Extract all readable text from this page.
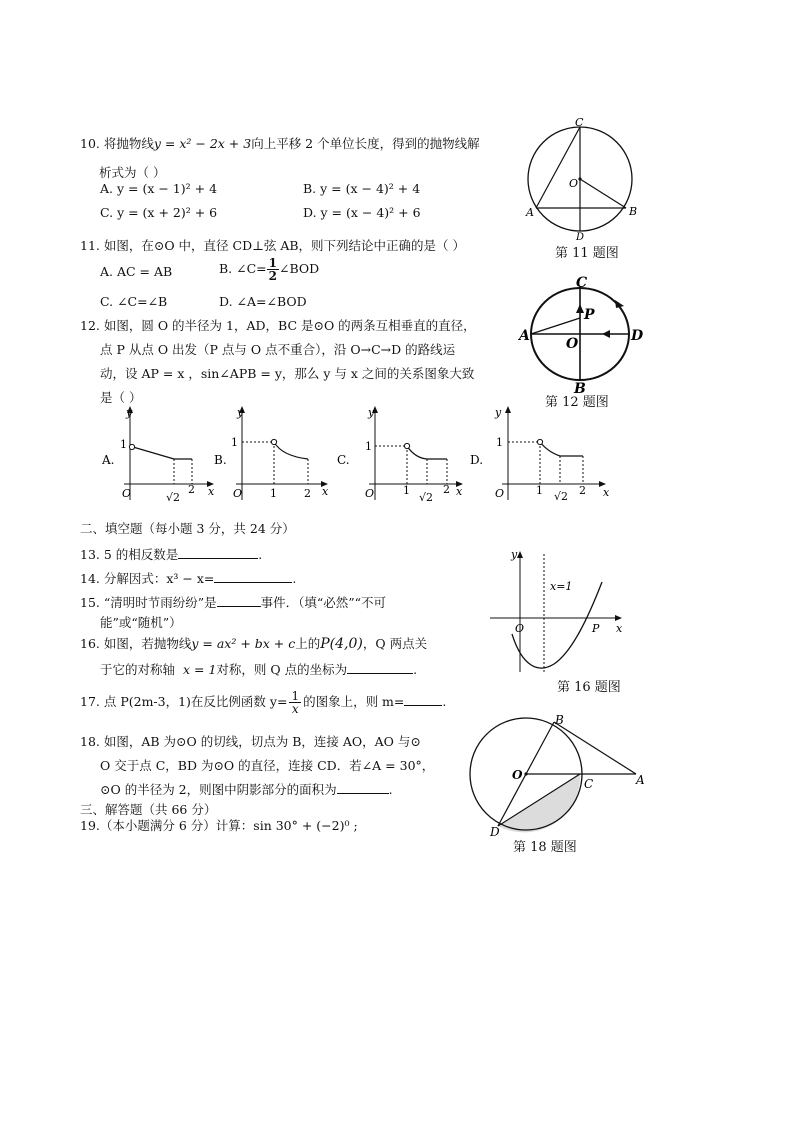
10. 将抛物线y = x² − 2x + 3向上平移 2 个单位长度，得到的抛物线解
析式为（ ）
A. y = (x − 1)² + 4	B. y = (x − 4)² + 4
C. y = (x + 2)² + 6	D. y = (x − 4)² + 6
C
O
A	B
D
第 11 题图
11. 如图，在⊙O 中，直径 CD⊥弦 AB，则下列结论中正确的是（ ）
A. AC = AB	B. ∠C= $\frac{1}{2}$ ∠BOD
C. ∠C=∠B	D. ∠A=∠BOD
C
P
A	O	D
B
第 12 题图
12. 如图，圆 O 的半径为 1，AD，BC 是⊙O 的两条互相垂直的直径，
点 P 从点 O 出发（P 点与 O 点不重合），沿 O→C→D 的路线运
动，设 AP = x ，sin∠APB = y，那么 y 与 x 之间的关系图象大致
是（ ）
A.
y
1
O	√2
2 x
B.
y
1
O	1 2 x
C.
y
1
O	1
√2
2 x
D.
y
1
O	1 √2 2 x
二、填空题（每小题 3 分，共 24 分）
13. 5 的相反数是	.
14. 分解因式：x³ − x=	.
15. “清明时节雨纷纷”是	事件．（填“必然”“不可
能”或“随机”）
16. 如图，若抛物线y = ax² + bx + c上的P(4,0)，Q 两点关
于它的对称轴 x = 1对称，则 Q 点的坐标为	.
y
x=1
O	P x
第 16 题图
17. 点 P(2m-3，1)在反比例函数 $y= \frac{1}{x}$ 的图象上，则 m=	.
18. 如图，AB 为⊙O 的切线，切点为 B，连接 AO，AO 与⊙
O 交于点 C，BD 为⊙O 的直径，连接 CD．若∠A = 30°，
⊙O 的半径为 2，则图中阴影部分的面积为	.
B
O
C	A
D
第 18 题图
三、解答题（共 66 分）
19.（本小题满分 6 分）计算：sin 30° + (−2)⁰ ;
